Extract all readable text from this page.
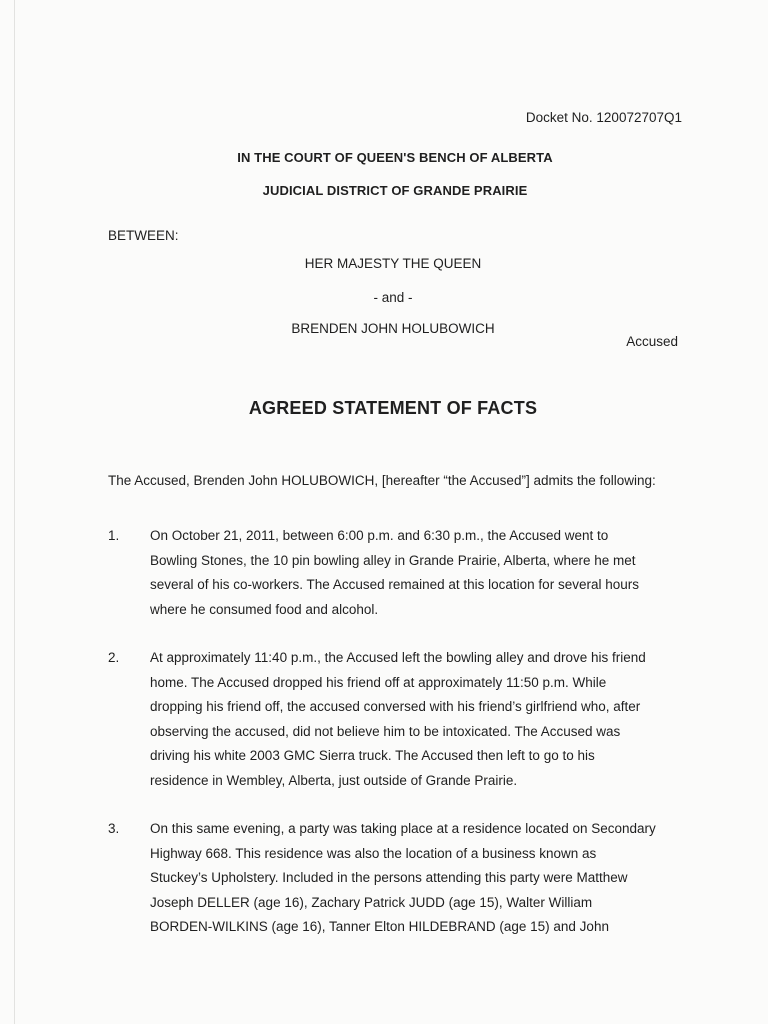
Docket No. 120072707Q1
IN THE COURT OF QUEEN'S BENCH OF ALBERTA
JUDICIAL DISTRICT OF GRANDE PRAIRIE
BETWEEN:
HER MAJESTY THE QUEEN
- and -
BRENDEN JOHN HOLUBOWICH
Accused
AGREED STATEMENT OF FACTS
The Accused, Brenden John HOLUBOWICH, [hereafter “the Accused”] admits the following:
1. On October 21, 2011, between 6:00 p.m. and 6:30 p.m., the Accused went to
Bowling Stones, the 10 pin bowling alley in Grande Prairie, Alberta, where he met
several of his co-workers. The Accused remained at this location for several hours
where he consumed food and alcohol.
2. At approximately 11:40 p.m., the Accused left the bowling alley and drove his friend
home. The Accused dropped his friend off at approximately 11:50 p.m. While
dropping his friend off, the accused conversed with his friend’s girlfriend who, after
observing the accused, did not believe him to be intoxicated. The Accused was
driving his white 2003 GMC Sierra truck. The Accused then left to go to his
residence in Wembley, Alberta, just outside of Grande Prairie.
3. On this same evening, a party was taking place at a residence located on Secondary
Highway 668. This residence was also the location of a business known as
Stuckey’s Upholstery. Included in the persons attending this party were Matthew
Joseph DELLER (age 16), Zachary Patrick JUDD (age 15), Walter William
BORDEN-WILKINS (age 16), Tanner Elton HILDEBRAND (age 15) and John
